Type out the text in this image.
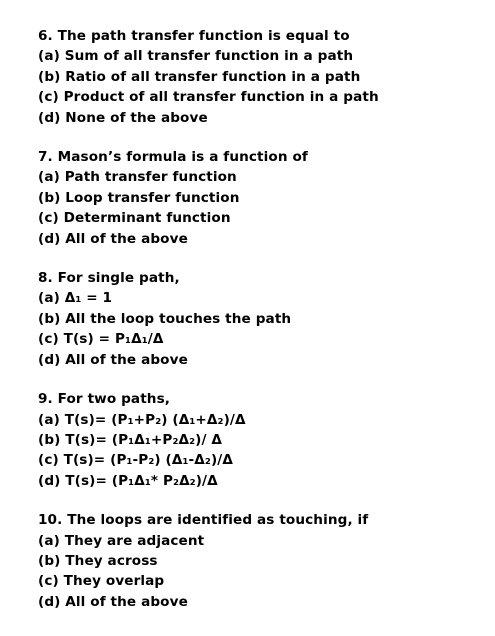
6. The path transfer function is equal to
(a) Sum of all transfer function in a path
(b) Ratio of all transfer function in a path
(c) Product of all transfer function in a path
(d) None of the above
7. Mason’s formula is a function of
(a) Path transfer function
(b) Loop transfer function
(c) Determinant function
(d) All of the above
8. For single path,
(a) Δ₁ = 1
(b) All the loop touches the path
(c) T(s) = P₁Δ₁/Δ
(d) All of the above
9. For two paths,
(a) T(s)= (P₁+P₂) (Δ₁+Δ₂)/Δ
(b) T(s)= (P₁Δ₁+P₂Δ₂)/ Δ
(c) T(s)= (P₁-P₂) (Δ₁-Δ₂)/Δ
(d) T(s)= (P₁Δ₁* P₂Δ₂)/Δ
10. The loops are identified as touching, if
(a) They are adjacent
(b) They across
(c) They overlap
(d) All of the above
